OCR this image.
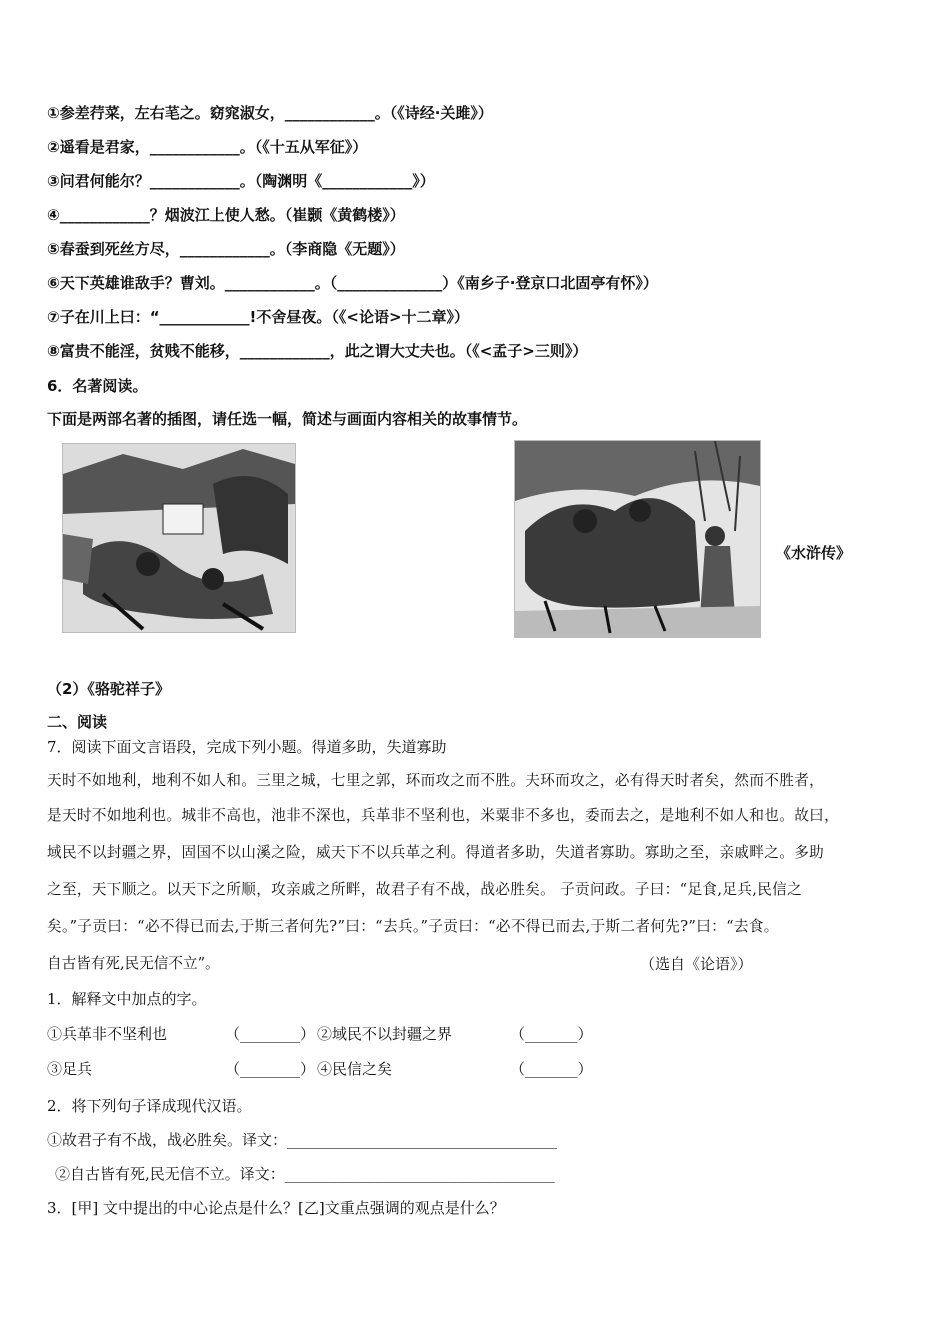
①参差荇菜，左右芼之。窈窕淑女，____________。（《诗经·关雎》）
②遥看是君家，____________。（《十五从军征》）
③问君何能尔？____________。（陶渊明《____________》）
④____________？烟波江上使人愁。（崔颢《黄鹤楼》）
⑤春蚕到死丝方尽，____________。（李商隐《无题》）
⑥天下英雄谁敌手？曹刘。____________。（______________）《南乡子·登京口北固亭有怀》）
⑦子在川上曰：“____________!不舍昼夜。（《<论语>十二章》）
⑧富贵不能淫，贫贱不能移，____________，此之谓大丈夫也。（《<孟子>三则》）
6．名著阅读。
下面是两部名著的插图，请任选一幅，简述与画面内容相关的故事情节。
《水浒传》
（2）《骆驼祥子》
二、阅读
7．阅读下面文言语段，完成下列小题。得道多助，失道寡助
天时不如地利，地利不如人和。三里之城，七里之郭，环而攻之而不胜。夫环而攻之，必有得天时者矣，然而不胜者，
是天时不如地利也。城非不高也，池非不深也，兵革非不坚利也，米粟非不多也，委而去之，是地利不如人和也。故曰，
域民不以封疆之界，固国不以山溪之险，威天下不以兵革之利。得道者多助，失道者寡助。寡助之至，亲戚畔之。多助
之至，天下顺之。以天下之所顺，攻亲戚之所畔，故君子有不战，战必胜矣。 子贡问政。子曰：“足食,足兵,民信之
矣。”子贡曰：“必不得已而去,于斯三者何先?”曰：“去兵。”子贡曰：“必不得已而去,于斯二者何先?”曰：“去食。
自古皆有死,民无信不立”。	（选自《论语》）
1．解释文中加点的字。
①兵革非不坚利也	（________） ②域民不以封疆之界	（_______）
③足兵	（________） ④民信之矣	（_______）
2．将下列句子译成现代汉语。
①故君子有不战，战必胜矣。译文：____________________________________
②自古皆有死,民无信不立。译文：____________________________________
3．[甲] 文中提出的中心论点是什么？[乙]文重点强调的观点是什么？
